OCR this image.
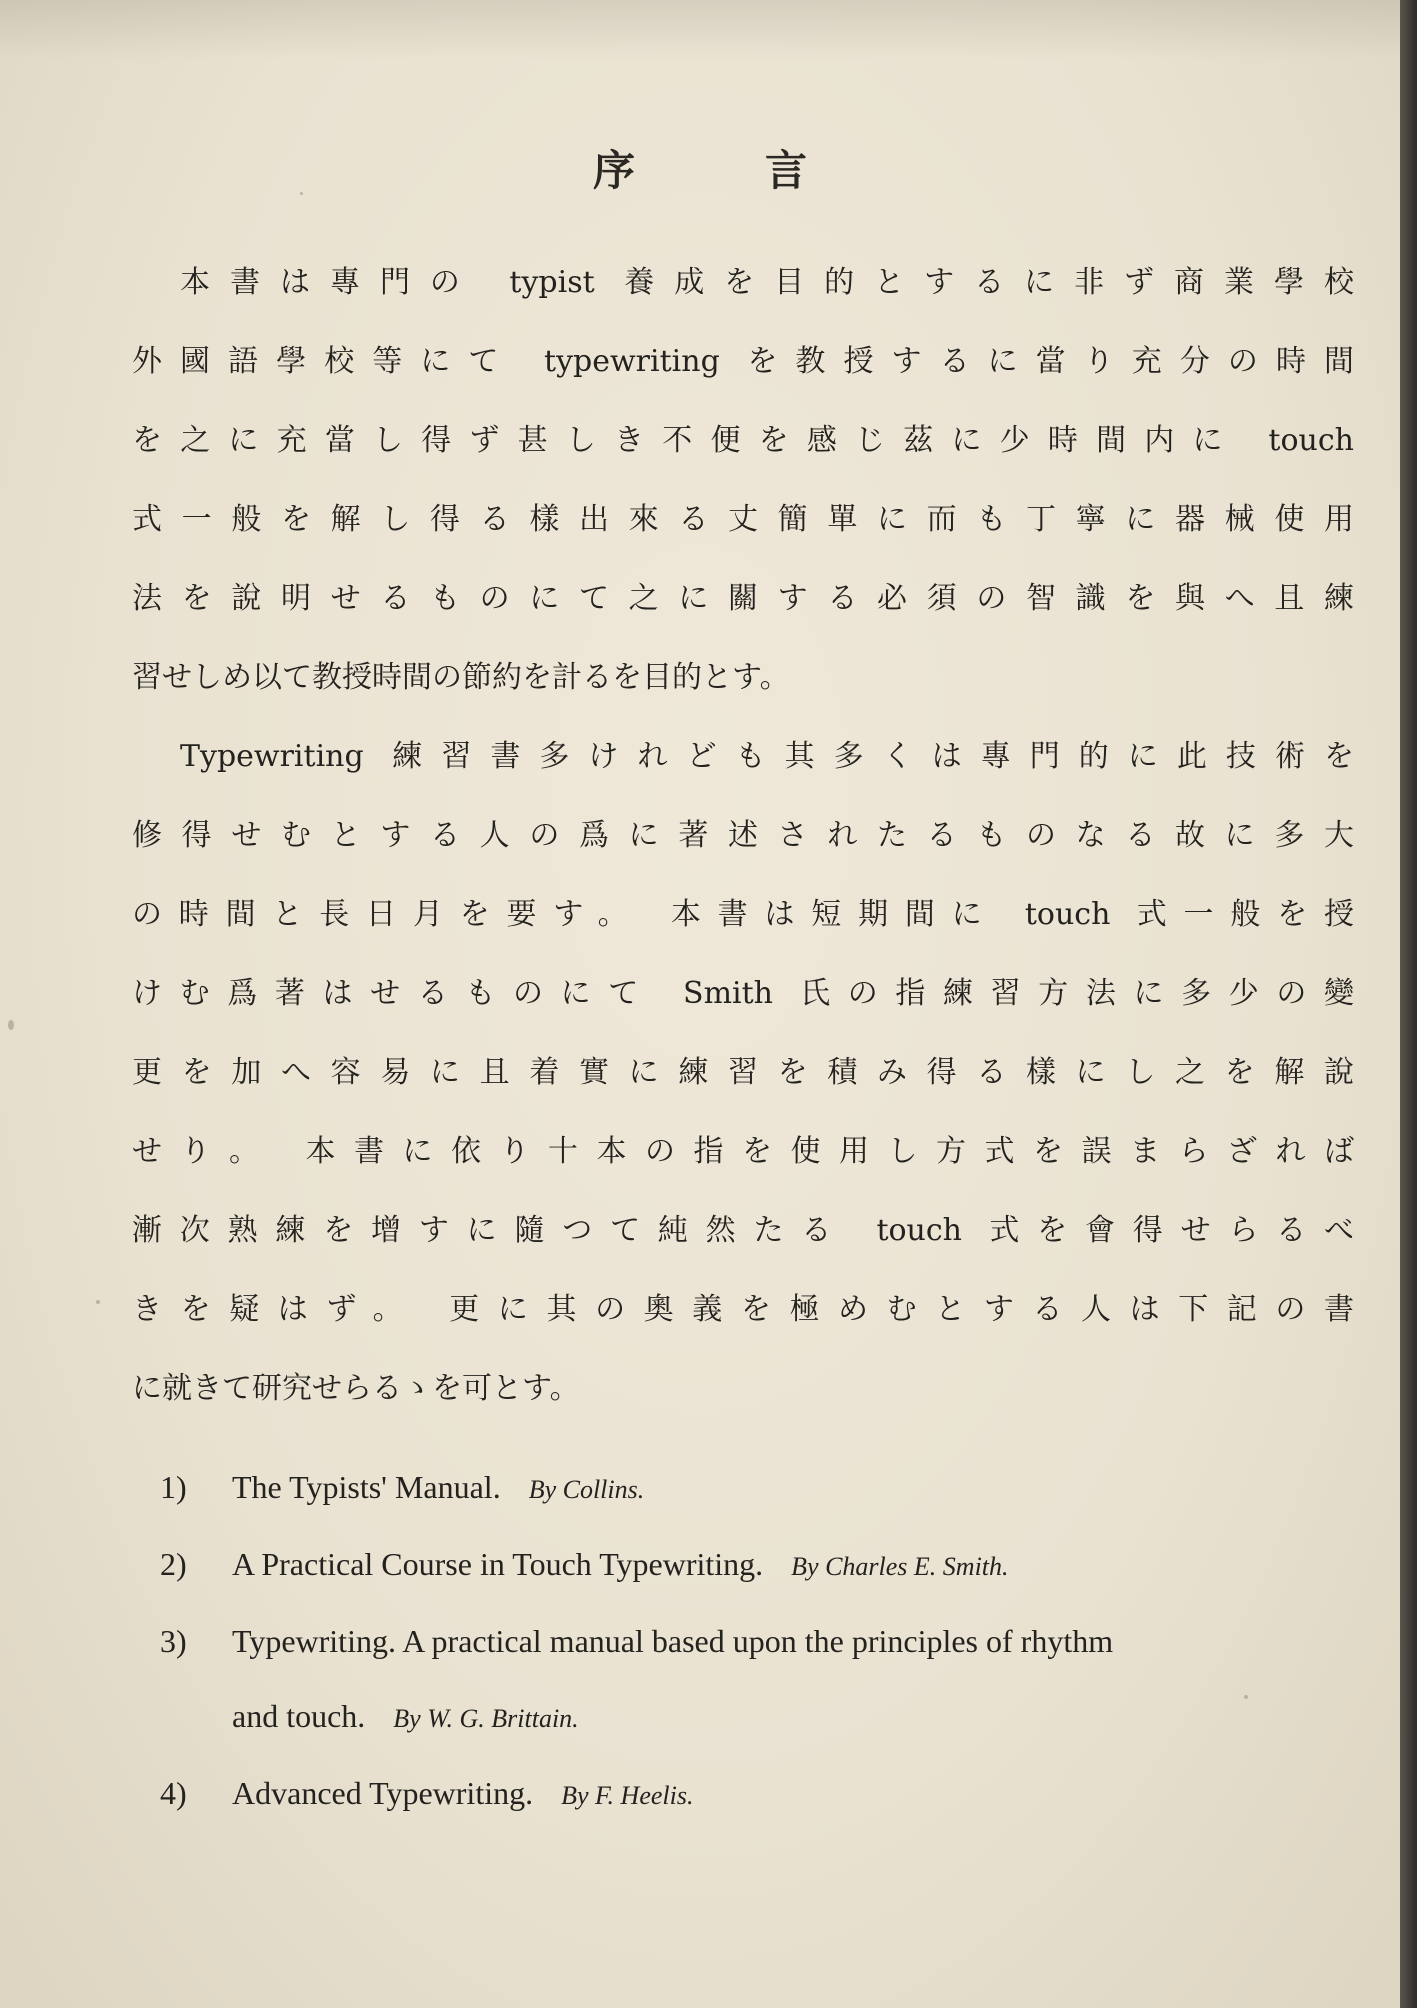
序言
本書は專門の typist 養成を目的とするに非ず商業學校
外國語學校等にて typewriting を教授するに當り充分の時間
を之に充當し得ず甚しき不便を感じ茲に少時間内に touch
式一般を解し得る樣出來る丈簡單に而も丁寧に器械使用
法を說明せるものにて之に關する必須の智識を與へ且練
習せしめ以て教授時間の節約を計るを目的とす。
Typewriting 練習書多けれども其多くは專門的に此技術を
修得せむとする人の爲に著述されたるものなる故に多大
の時間と長日月を要す。 本書は短期間に touch 式一般を授
けむ爲著はせるものにて Smith 氏の指練習方法に多少の變
更を加へ容易に且着實に練習を積み得る樣にし之を解說
せり。 本書に依り十本の指を使用し方式を誤まらざれば
漸次熟練を增すに隨つて純然たる touch 式を會得せらるべ
きを疑はず。 更に其の奧義を極めむとする人は下記の書
に就きて研究せらるゝを可とす。
1)	The Typists' Manual. By Collins.
2)	A Practical Course in Touch Typewriting. By Charles E. Smith.
3)	Typewriting. A practical manual based upon the principles of rhythm
and touch. By W. G. Brittain.
4)	Advanced Typewriting. By F. Heelis.
